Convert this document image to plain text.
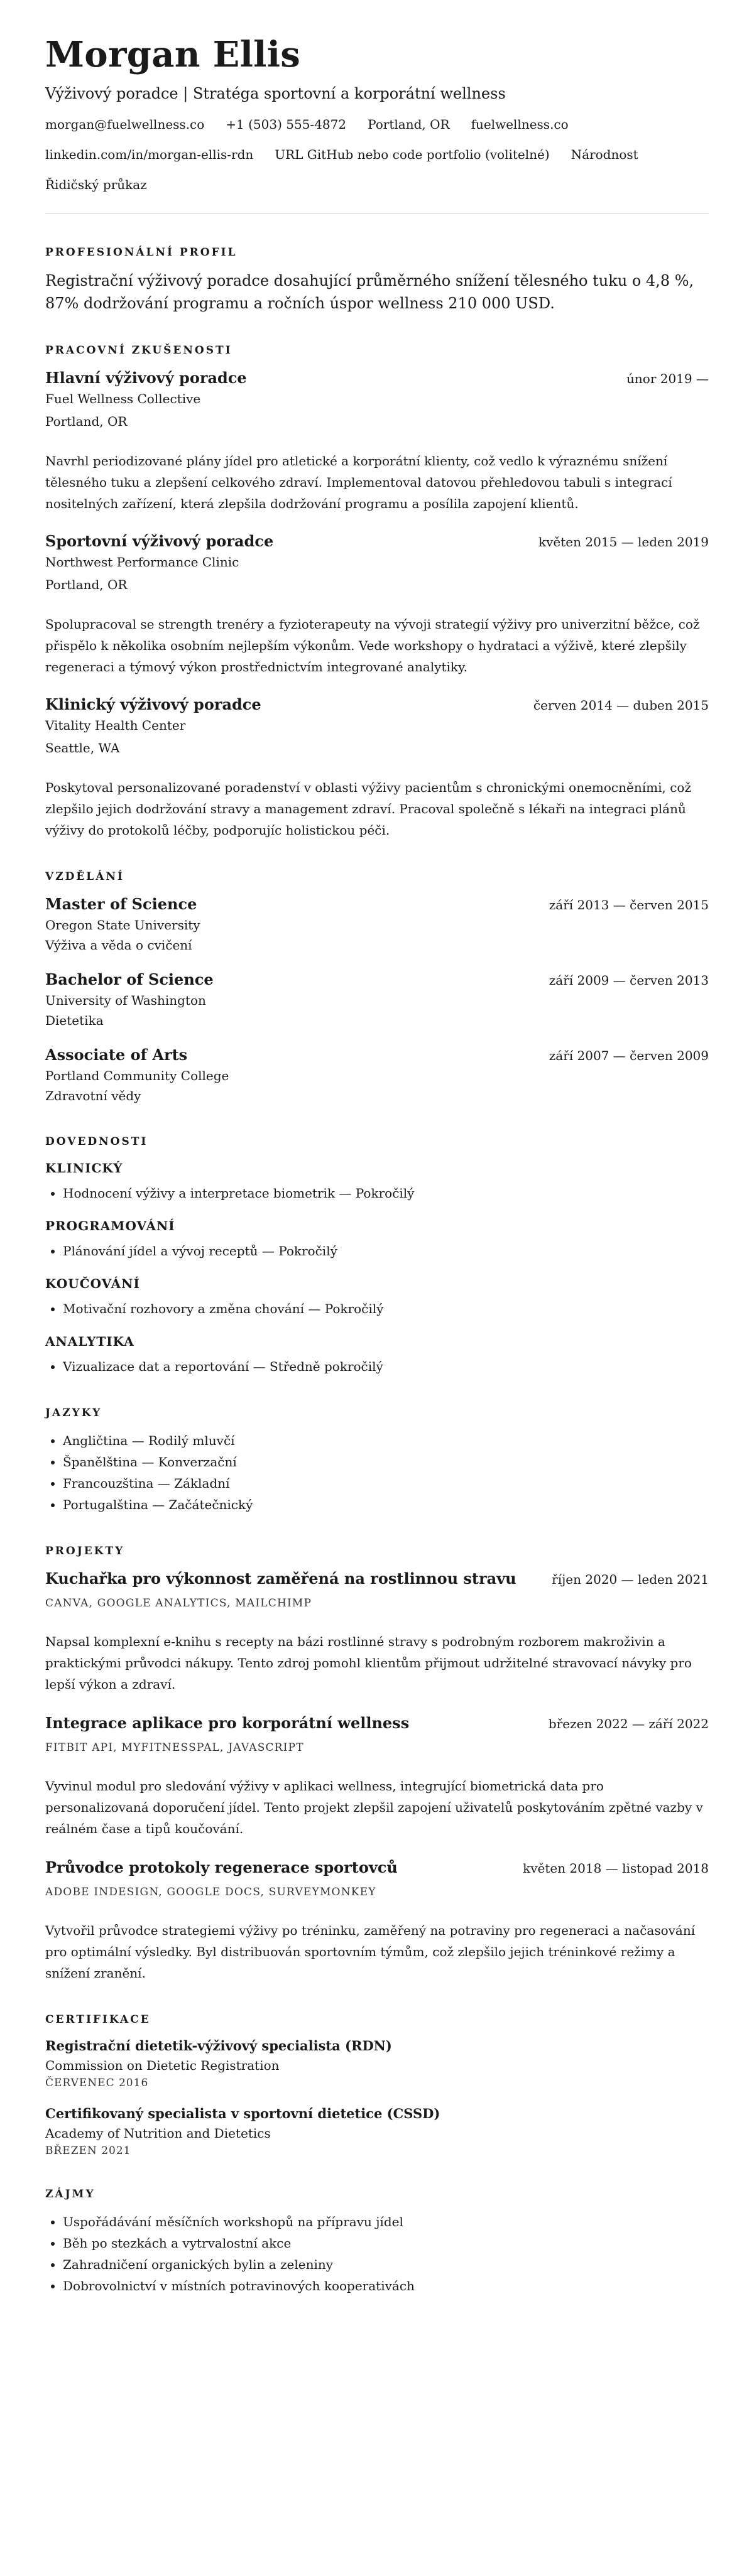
Morgan Ellis
Výživový poradce | Stratéga sportovní a korporátní wellness
morgan@fuelwellness.co +1 (503) 555-4872 Portland, OR fuelwellness.co
linkedin.com/in/morgan-ellis-rdn URL GitHub nebo code portfolio (volitelné) Národnost
Řidičský průkaz
PROFESIONÁLNÍ PROFIL

Registrační výživový poradce dosahující průměrného snížení tělesného tuku o 4,8 %, 87% dodržování programu a ročních úspor wellness 210 000 USD.

PRACOVNÍ ZKUŠENOSTI
Hlavní výživový poradce	únor 2019 —
Fuel Wellness Collective
Portland, OR
Navrhl periodizované plány jídel pro atletické a korporátní klienty, což vedlo k výraznému snížení tělesného tuku a zlepšení celkového zdraví. Implementoval datovou přehledovou tabuli s integrací nositelných zařízení, která zlepšila dodržování programu a posílila zapojení klientů.
Sportovní výživový poradce	květen 2015 — leden 2019
Northwest Performance Clinic
Portland, OR
Spolupracoval se strength trenéry a fyzioterapeuty na vývoji strategií výživy pro univerzitní běžce, což přispělo k několika osobním nejlepším výkonům. Vede workshopy o hydrataci a výživě, které zlepšily regeneraci a týmový výkon prostřednictvím integrované analytiky.
Klinický výživový poradce	červen 2014 — duben 2015
Vitality Health Center
Seattle, WA
Poskytoval personalizované poradenství v oblasti výživy pacientům s chronickými onemocněními, což zlepšilo jejich dodržování stravy a management zdraví. Pracoval společně s lékaři na integraci plánů výživy do protokolů léčby, podporujíc holistickou péči.
VZDĚLÁNÍ
Master of Science	září 2013 — červen 2015
Oregon State University
Výživa a věda o cvičení
Bachelor of Science	září 2009 — červen 2013
University of Washington
Dietetika
Associate of Arts	září 2007 — červen 2009
Portland Community College
Zdravotní vědy
DOVEDNOSTI
KLINICKÝ
• Hodnocení výživy a interpretace biometrik — Pokročilý
PROGRAMOVÁNÍ
• Plánování jídel a vývoj receptů — Pokročilý
KOUČOVÁNÍ
• Motivační rozhovory a změna chování — Pokročilý
ANALYTIKA
• Vizualizace dat a reportování — Středně pokročilý
JAZYKY
• Angličtina — Rodilý mluvčí
• Španělština — Konverzační
• Francouzština — Základní
• Portugalština — Začátečnický
PROJEKTY
Kuchařka pro výkonnost zaměřená na rostlinnou stravu	říjen 2020 — leden 2021
CANVA, GOOGLE ANALYTICS, MAILCHIMP
Napsal komplexní e-knihu s recepty na bázi rostlinné stravy s podrobným rozborem makroživin a praktickými průvodci nákupy. Tento zdroj pomohl klientům přijmout udržitelné stravovací návyky pro lepší výkon a zdraví.
Integrace aplikace pro korporátní wellness	březen 2022 — září 2022
FITBIT API, MYFITNESSPAL, JAVASCRIPT
Vyvinul modul pro sledování výživy v aplikaci wellness, integrující biometrická data pro personalizovaná doporučení jídel. Tento projekt zlepšil zapojení uživatelů poskytováním zpětné vazby v reálném čase a tipů koučování.
Průvodce protokoly regenerace sportovců	květen 2018 — listopad 2018
ADOBE INDESIGN, GOOGLE DOCS, SURVEYMONKEY
Vytvořil průvodce strategiemi výživy po tréninku, zaměřený na potraviny pro regeneraci a načasování pro optimální výsledky. Byl distribuován sportovním týmům, což zlepšilo jejich tréninkové režimy a snížení zranění.
CERTIFIKACE
Registrační dietetik-výživový specialista (RDN)
Commission on Dietetic Registration
ČERVENEC 2016
Certifikovaný specialista v sportovní dietetice (CSSD)
Academy of Nutrition and Dietetics
BŘEZEN 2021
ZÁJMY
• Uspořádávání měsíčních workshopů na přípravu jídel
• Běh po stezkách a vytrvalostní akce
• Zahradničení organických bylin a zeleniny
• Dobrovolnictví v místních potravinových kooperativách
